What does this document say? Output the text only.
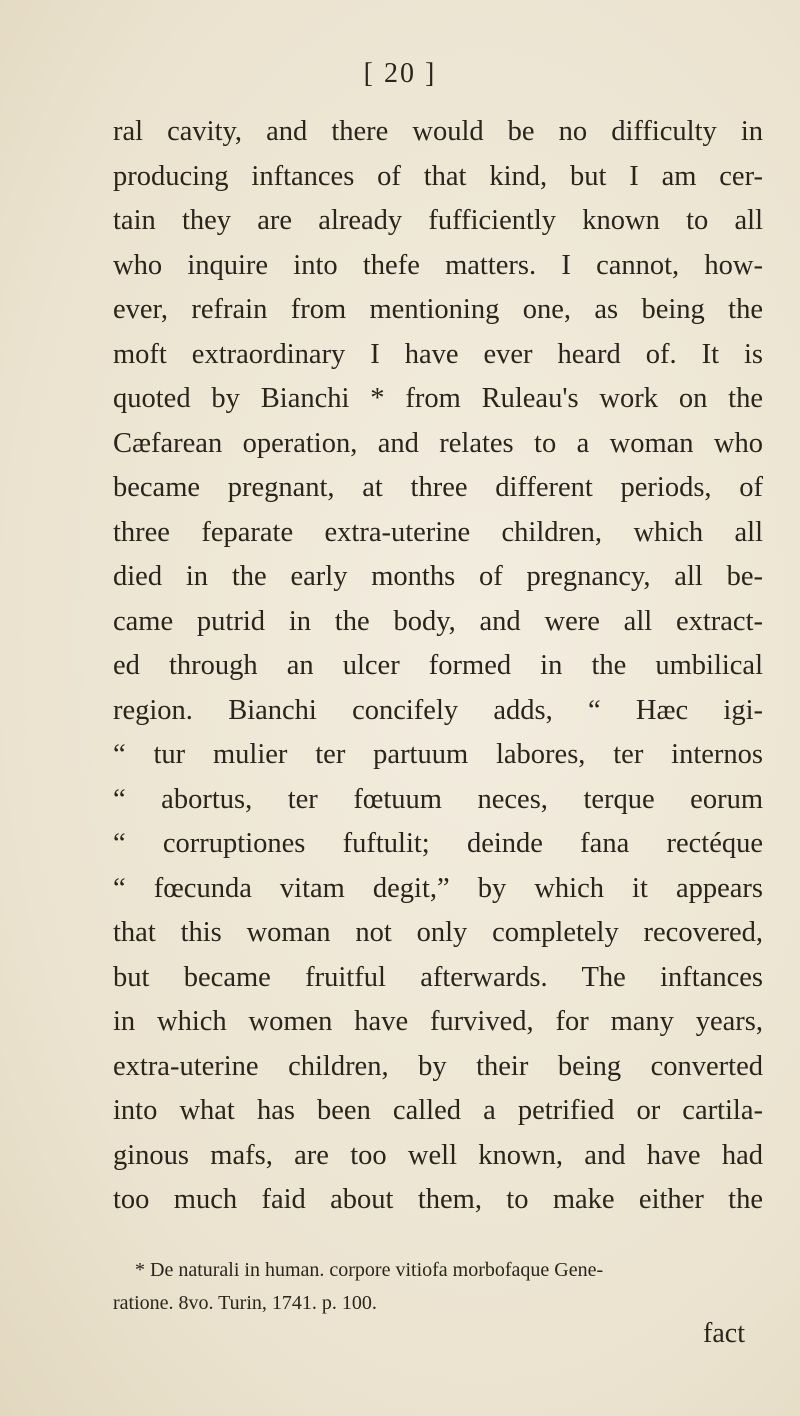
[ 20 ]
ral cavity, and there would be no difficulty in
producing inftances of that kind, but I am cer-
tain they are already fufficiently known to all
who inquire into thefe matters. I cannot, how-
ever, refrain from mentioning one, as being the
moft extraordinary I have ever heard of. It is
quoted by Bianchi * from Ruleau's work on the
Cæfarean operation, and relates to a woman who
became pregnant, at three different periods, of
three feparate extra-uterine children, which all
died in the early months of pregnancy, all be-
came putrid in the body, and were all extract-
ed through an ulcer formed in the umbilical
region. Bianchi concifely adds, “ Hæc igi-
“ tur mulier ter partuum labores, ter internos
“ abortus, ter fœtuum neces, terque eorum
“ corruptiones fuftulit; deinde fana rectéque
“ fœcunda vitam degit,” by which it appears
that this woman not only completely recovered,
but became fruitful afterwards. The inftances
in which women have furvived, for many years,
extra-uterine children, by their being converted
into what has been called a petrified or cartila-
ginous mafs, are too well known, and have had
too much faid about them, to make either the
* De naturali in human. corpore vitiofa morbofaque Gene-
ratione. 8vo. Turin, 1741. p. 100.
fact
